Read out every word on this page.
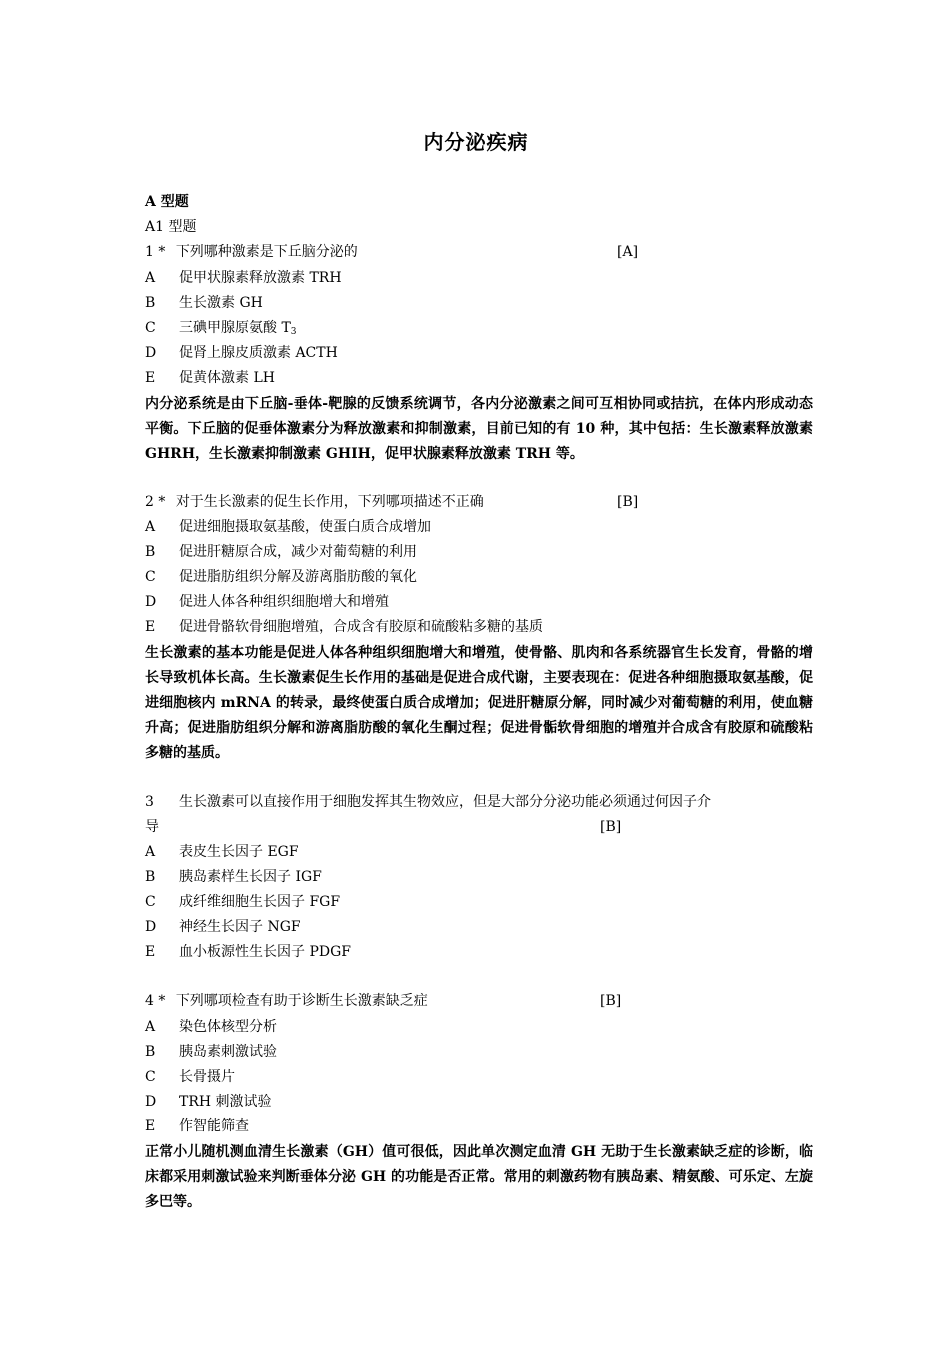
内分泌疾病
A 型题
A1 型题
1 * 下列哪种激素是下丘脑分泌的	[A]
A 促甲状腺素释放激素 TRH
B 生长激素 GH
C 三碘甲腺原氨酸 $T_3$
D 促肾上腺皮质激素 ACTH
E 促黄体激素 LH
内分泌系统是由下丘脑-垂体-靶腺的反馈系统调节，各内分泌激素之间可互相协同或拮抗，在体内形成动态平衡。下丘脑的促垂体激素分为释放激素和抑制激素，目前已知的有 10 种，其中包括：生长激素释放激素 GHRH，生长激素抑制激素 GHIH，促甲状腺素释放激素 TRH 等。
2 * 对于生长激素的促生长作用，下列哪项描述不正确	[B]
A 促进细胞摄取氨基酸，使蛋白质合成增加
B 促进肝糖原合成，减少对葡萄糖的利用
C 促进脂肪组织分解及游离脂肪酸的氧化
D 促进人体各种组织细胞增大和增殖
E 促进骨骼软骨细胞增殖，合成含有胶原和硫酸粘多糖的基质
生长激素的基本功能是促进人体各种组织细胞增大和增殖，使骨骼、肌肉和各系统器官生长发育，骨骼的增长导致机体长高。生长激素促生长作用的基础是促进合成代谢，主要表现在：促进各种细胞摄取氨基酸，促进细胞核内 mRNA 的转录，最终使蛋白质合成增加；促进肝糖原分解，同时减少对葡萄糖的利用，使血糖升高；促进脂肪组织分解和游离脂肪酸的氧化生酮过程；促进骨骺软骨细胞的增殖并合成含有胶原和硫酸粘多糖的基质。
3 生长激素可以直接作用于细胞发挥其生物效应，但是大部分分泌功能必须通过何因子介
导	[B]
A 表皮生长因子 EGF
B 胰岛素样生长因子 IGF
C 成纤维细胞生长因子 FGF
D 神经生长因子 NGF
E 血小板源性生长因子 PDGF
4 * 下列哪项检查有助于诊断生长激素缺乏症	[B]
A 染色体核型分析
B 胰岛素刺激试验
C 长骨摄片
D TRH 刺激试验
E 作智能筛查
正常小儿随机测血清生长激素（GH）值可很低，因此单次测定血清 GH 无助于生长激素缺乏症的诊断，临床都采用刺激试验来判断垂体分泌 GH 的功能是否正常。常用的刺激药物有胰岛素、精氨酸、可乐定、左旋多巴等。
